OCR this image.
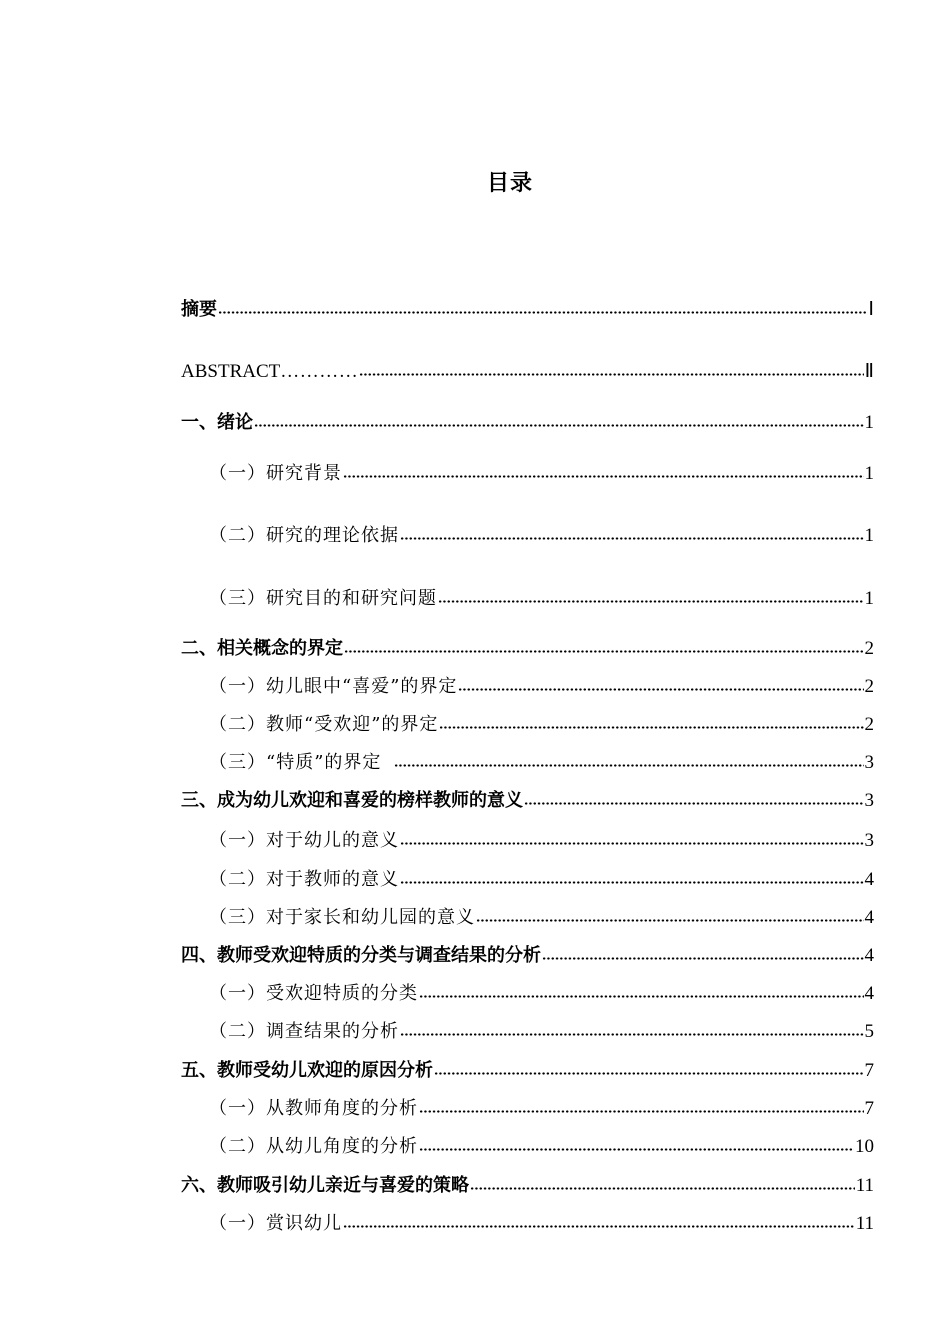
目录
摘要	Ⅰ
ABSTRACT…………	Ⅱ
一、绪论	1
（一）研究背景	1
（二）研究的理论依据	1
（三）研究目的和研究问题	1
二、相关概念的界定	2
（一）幼儿眼中“喜爱”的界定	2
（二）教师“受欢迎”的界定	2
（三）“特质”的界定	3
三、成为幼儿欢迎和喜爱的榜样教师的意义	3
（一）对于幼儿的意义	3
（二）对于教师的意义	4
（三）对于家长和幼儿园的意义	4
四、教师受欢迎特质的分类与调查结果的分析	4
（一）受欢迎特质的分类	4
（二）调查结果的分析	5
五、教师受幼儿欢迎的原因分析	7
（一）从教师角度的分析	7
（二）从幼儿角度的分析	10
六、教师吸引幼儿亲近与喜爱的策略	11
（一）赏识幼儿	11
